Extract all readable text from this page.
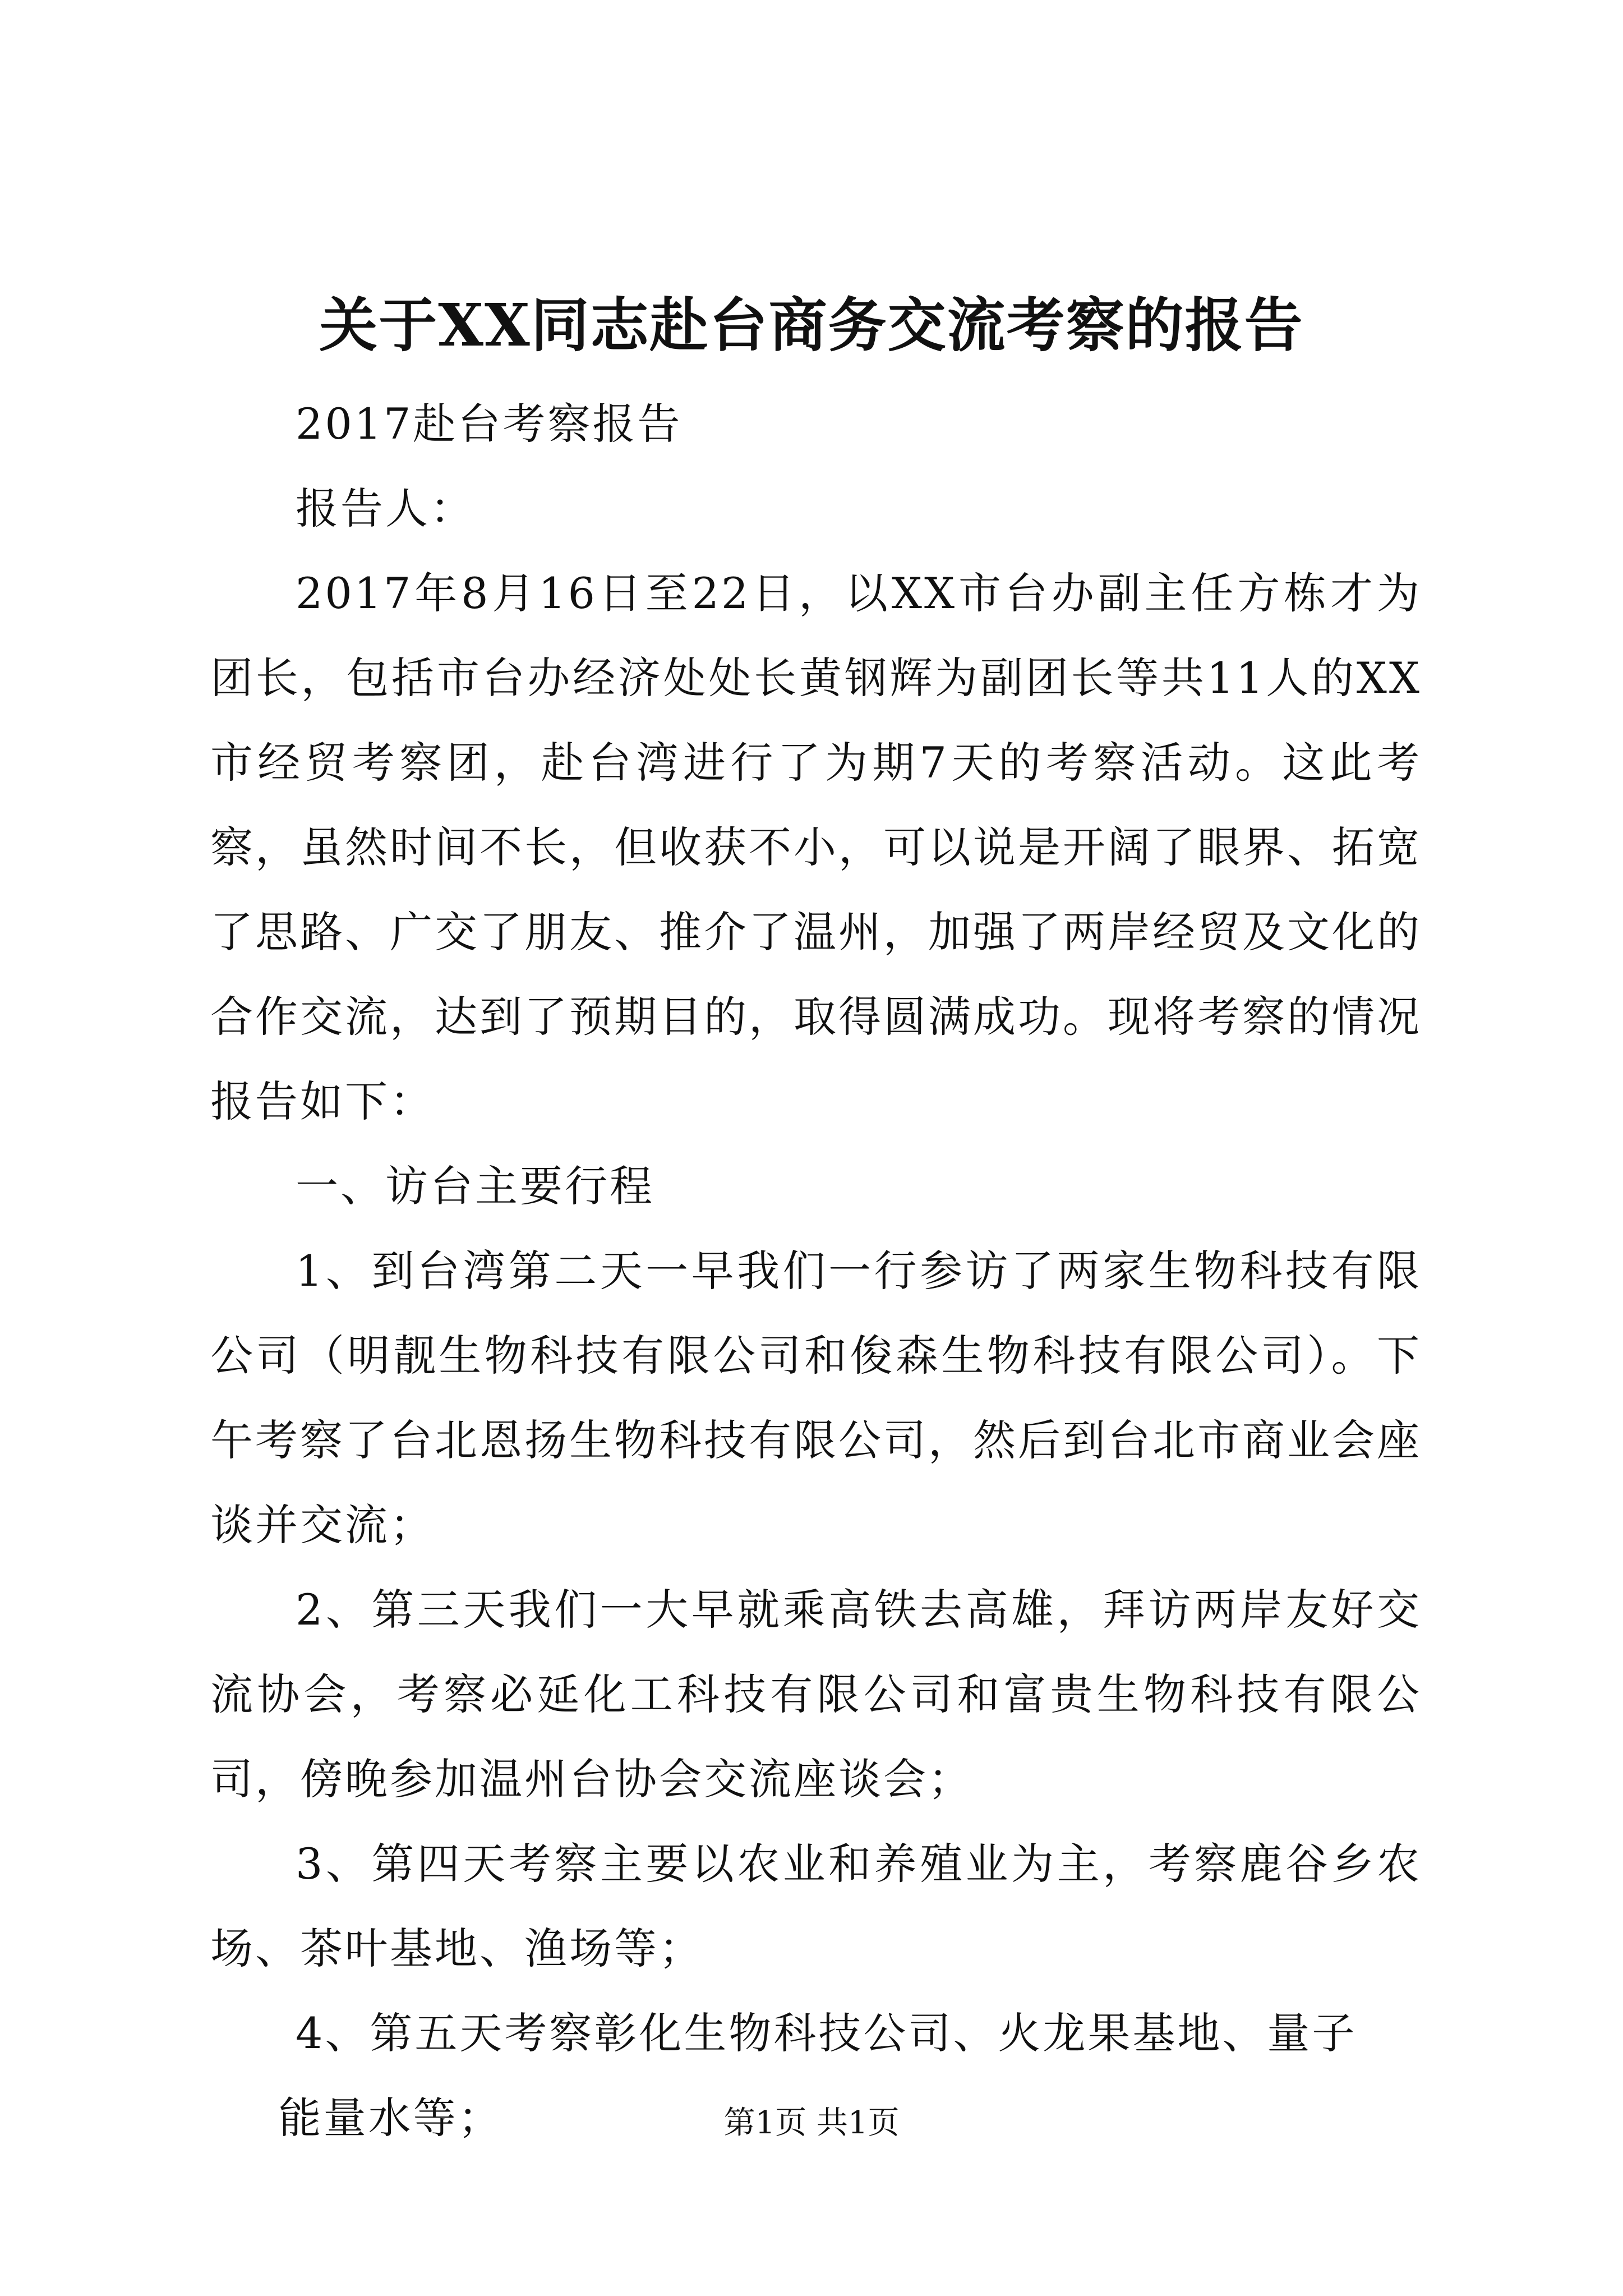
关于XX同志赴台商务交流考察的报告

2017赴台考察报告

报告人：

2017年8月16日至22日，以XX市台办副主任方栋才为团长，包括市台办经济处处长黄钢辉为副团长等共11人的XX市经贸考察团，赴台湾进行了为期7天的考察活动。这此考察，虽然时间不长，但收获不小，可以说是开阔了眼界、拓宽了思路、广交了朋友、推介了温州，加强了两岸经贸及文化的合作交流，达到了预期目的，取得圆满成功。现将考察的情况报告如下：

一、访台主要行程

1、到台湾第二天一早我们一行参访了两家生物科技有限公司（明靓生物科技有限公司和俊森生物科技有限公司）。下午考察了台北恩扬生物科技有限公司，然后到台北市商业会座谈并交流；

2、第三天我们一大早就乘高铁去高雄，拜访两岸友好交流协会，考察必延化工科技有限公司和富贵生物科技有限公司，傍晚参加温州台协会交流座谈会；

3、第四天考察主要以农业和养殖业为主，考察鹿谷乡农场、茶叶基地、渔场等；

4、第五天考察彰化生物科技公司、火龙果基地、量子

能量水等；	第1页 共1页
